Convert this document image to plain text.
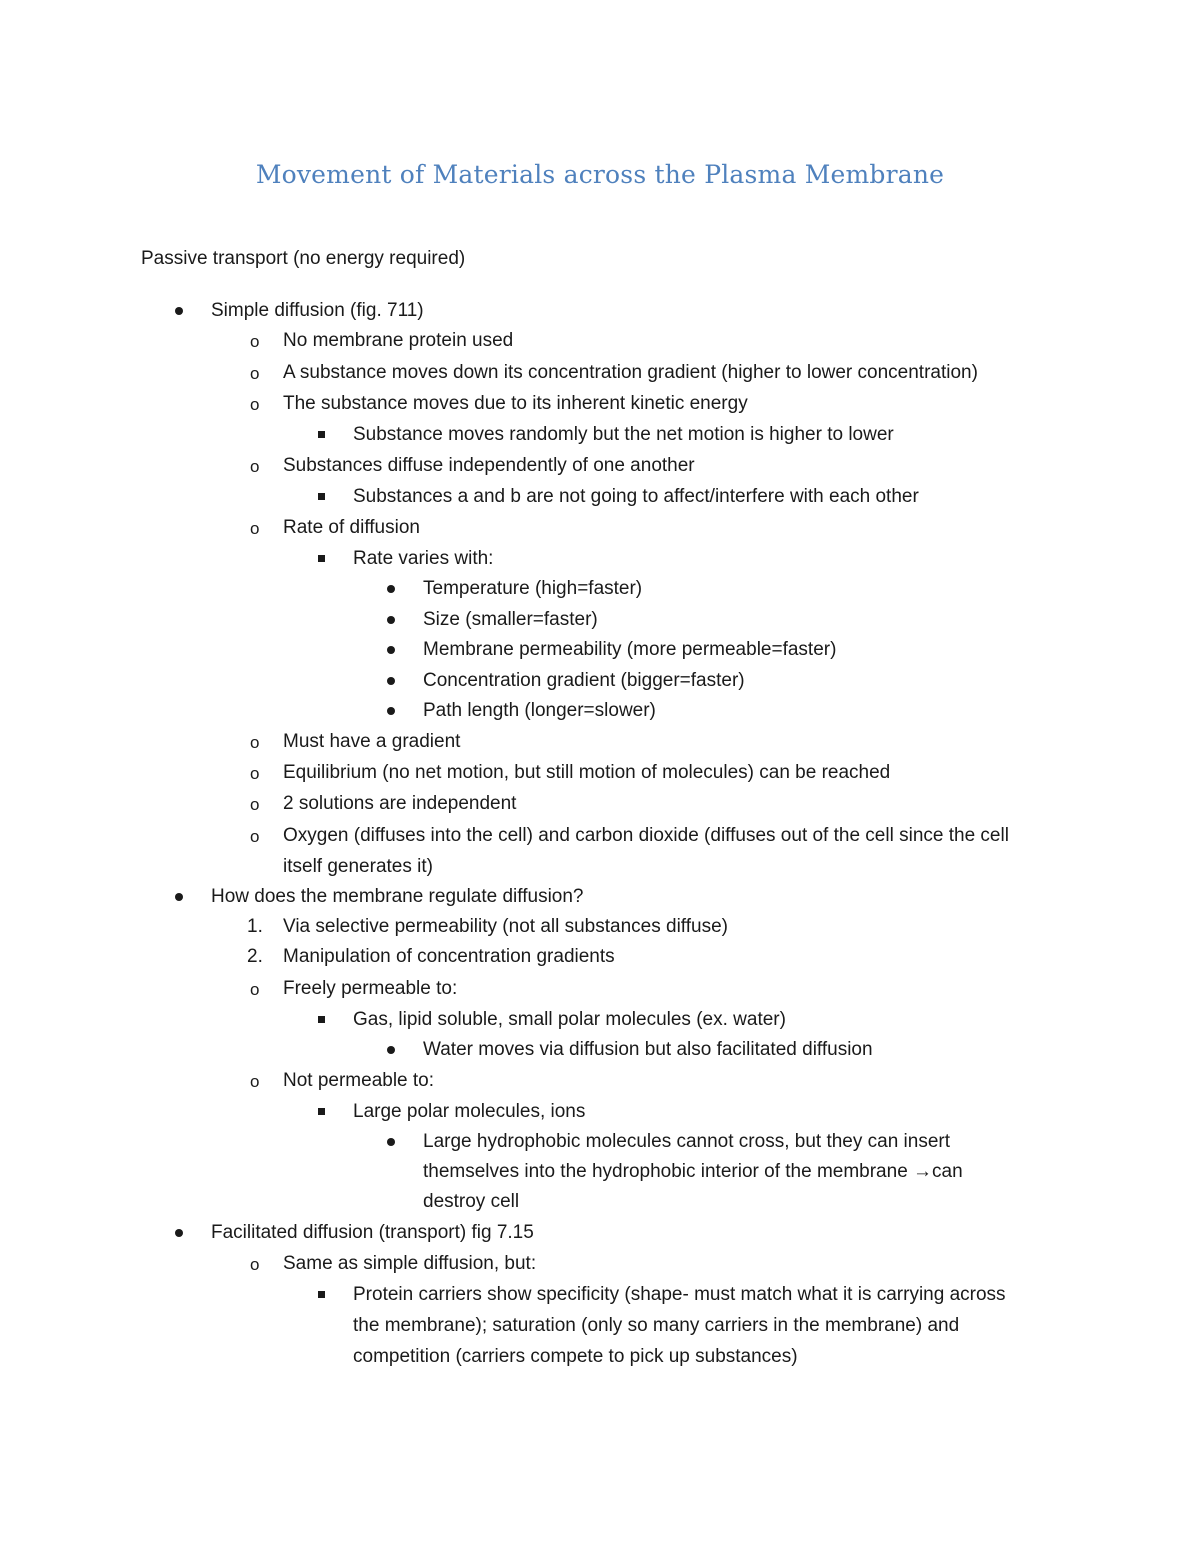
Movement of Materials across the Plasma Membrane
Passive transport (no energy required)
Simple diffusion (fig. 711)
o No membrane protein used
o A substance moves down its concentration gradient (higher to lower concentration)
o The substance moves due to its inherent kinetic energy
Substance moves randomly but the net motion is higher to lower
o Substances diffuse independently of one another
Substances a and b are not going to affect/interfere with each other
o Rate of diffusion
Rate varies with:
Temperature (high=faster)
Size (smaller=faster)
Membrane permeability (more permeable=faster)
Concentration gradient (bigger=faster)
Path length (longer=slower)
o Must have a gradient
o Equilibrium (no net motion, but still motion of molecules) can be reached
o 2 solutions are independent
o Oxygen (diffuses into the cell) and carbon dioxide (diffuses out of the cell since the cell
itself generates it)
How does the membrane regulate diffusion?
1. Via selective permeability (not all substances diffuse)
2. Manipulation of concentration gradients
o Freely permeable to:
Gas, lipid soluble, small polar molecules (ex. water)
Water moves via diffusion but also facilitated diffusion
o Not permeable to:
Large polar molecules, ions
Large hydrophobic molecules cannot cross, but they can insert
themselves into the hydrophobic interior of the membrane →can
destroy cell
Facilitated diffusion (transport) fig 7.15
o Same as simple diffusion, but:
Protein carriers show specificity (shape- must match what it is carrying across
the membrane); saturation (only so many carriers in the membrane) and
competition (carriers compete to pick up substances)
